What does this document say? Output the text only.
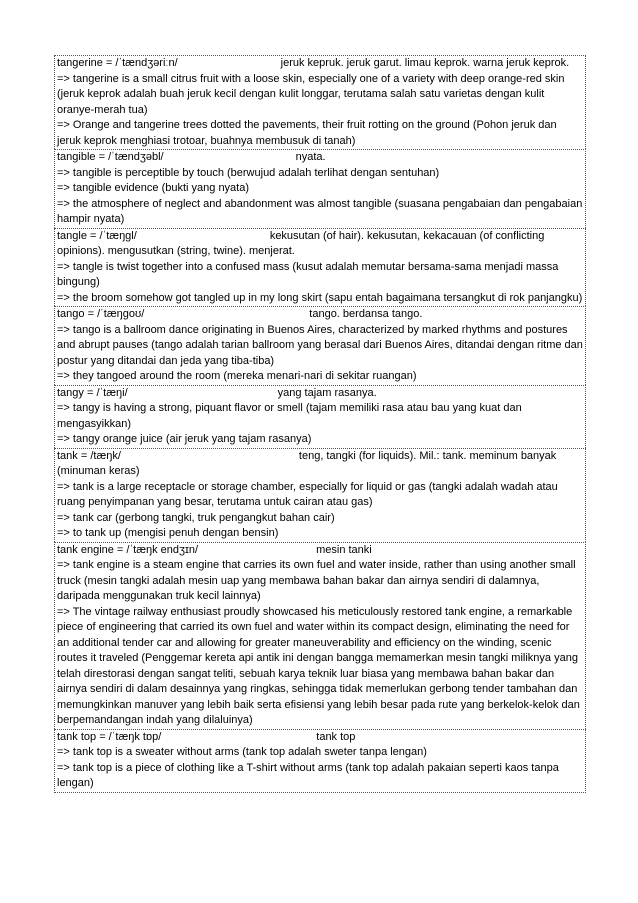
tangerine = /ˈtændʒəriːn/	jeruk kepruk. jeruk garut. limau keprok. warna jeruk keprok.
=> tangerine is a small citrus fruit with a loose skin, especially one of a variety with deep orange-red skin (jeruk keprok adalah buah jeruk kecil dengan kulit longgar, terutama salah satu varietas dengan kulit oranye-merah tua)
=> Orange and tangerine trees dotted the pavements, their fruit rotting on the ground (Pohon jeruk dan jeruk keprok menghiasi trotoar, buahnya membusuk di tanah)
tangible = /ˈtændʒəbl/	nyata.
=> tangible is perceptible by touch (berwujud adalah terlihat dengan sentuhan)
=> tangible evidence (bukti yang nyata)
=> the atmosphere of neglect and abandonment was almost tangible (suasana pengabaian dan pengabaian hampir nyata)
tangle = /ˈtæŋgl/	kekusutan (of hair). kekusutan, kekacauan (of conflicting opinions). mengusutkan (string, twine). menjerat.
=> tangle is twist together into a confused mass (kusut adalah memutar bersama-sama menjadi massa bingung)
=> the broom somehow got tangled up in my long skirt (sapu entah bagaimana tersangkut di rok panjangku)
tango = /ˈtæŋɡoʊ/	tango. berdansa tango.
=> tango is a ballroom dance originating in Buenos Aires, characterized by marked rhythms and postures and abrupt pauses (tango adalah tarian ballroom yang berasal dari Buenos Aires, ditandai dengan ritme dan postur yang ditandai dan jeda yang tiba-tiba)
=> they tangoed around the room (mereka menari-nari di sekitar ruangan)
tangy = /ˈtæŋi/	yang tajam rasanya.
=> tangy is having a strong, piquant flavor or smell (tajam memiliki rasa atau bau yang kuat dan mengasyikkan)
=> tangy orange juice (air jeruk yang tajam rasanya)
tank = /tæŋk/	teng, tangki (for liquids). Mil.: tank. meminum banyak (minuman keras)
=> tank is a large receptacle or storage chamber, especially for liquid or gas (tangki adalah wadah atau ruang penyimpanan yang besar, terutama untuk cairan atau gas)
=> tank car (gerbong tangki, truk pengangkut bahan cair)
=> to tank up (mengisi penuh dengan bensin)
tank engine = /ˈtæŋk endʒɪn/	mesin tanki
=> tank engine is a steam engine that carries its own fuel and water inside, rather than using another small truck (mesin tangki adalah mesin uap yang membawa bahan bakar dan airnya sendiri di dalamnya, daripada menggunakan truk kecil lainnya)
=> The vintage railway enthusiast proudly showcased his meticulously restored tank engine, a remarkable piece of engineering that carried its own fuel and water within its compact design, eliminating the need for an additional tender car and allowing for greater maneuverability and efficiency on the winding, scenic routes it traveled (Penggemar kereta api antik ini dengan bangga memamerkan mesin tangki miliknya yang telah direstorasi dengan sangat teliti, sebuah karya teknik luar biasa yang membawa bahan bakar dan airnya sendiri di dalam desainnya yang ringkas, sehingga tidak memerlukan gerbong tender tambahan dan memungkinkan manuver yang lebih baik serta efisiensi yang lebih besar pada rute yang berkelok-kelok dan berpemandangan indah yang dilaluinya)
tank top = /ˈtæŋk tɒp/	tank top
=> tank top is a sweater without arms (tank top adalah sweter tanpa lengan)
=> tank top is a piece of clothing like a T-shirt without arms (tank top adalah pakaian seperti kaos tanpa lengan)
